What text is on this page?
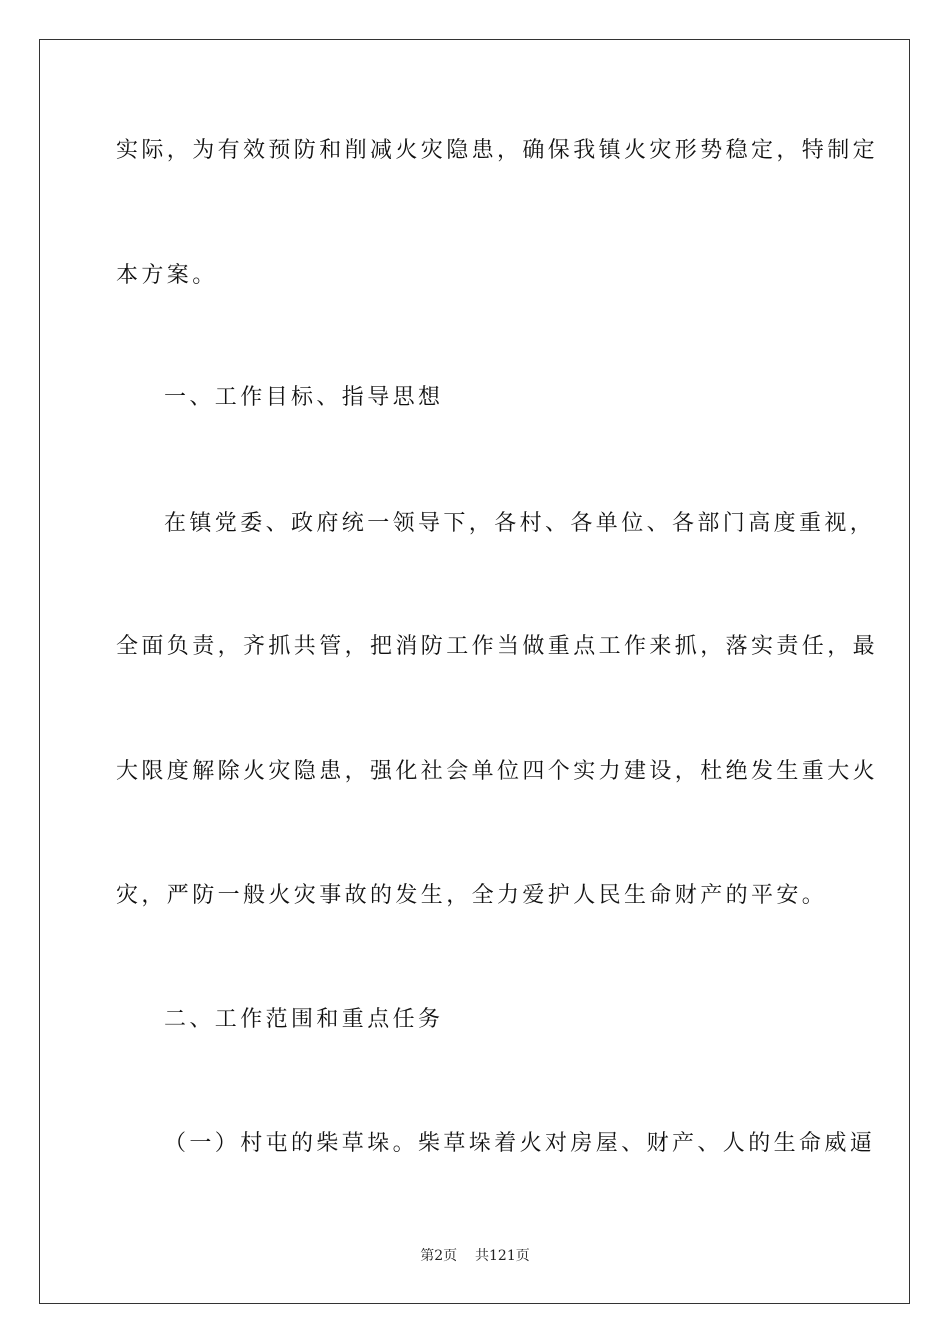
实际，为有效预防和削减火灾隐患，确保我镇火灾形势稳定，特制定
本方案。
一、工作目标、指导思想
在镇党委、政府统一领导下，各村、各单位、各部门高度重视，
全面负责，齐抓共管，把消防工作当做重点工作来抓，落实责任，最
大限度解除火灾隐患，强化社会单位四个实力建设，杜绝发生重大火
灾，严防一般火灾事故的发生，全力爱护人民生命财产的平安。
二、工作范围和重点任务
（一）村屯的柴草垛。柴草垛着火对房屋、财产、人的生命威逼
第2页 共121页
